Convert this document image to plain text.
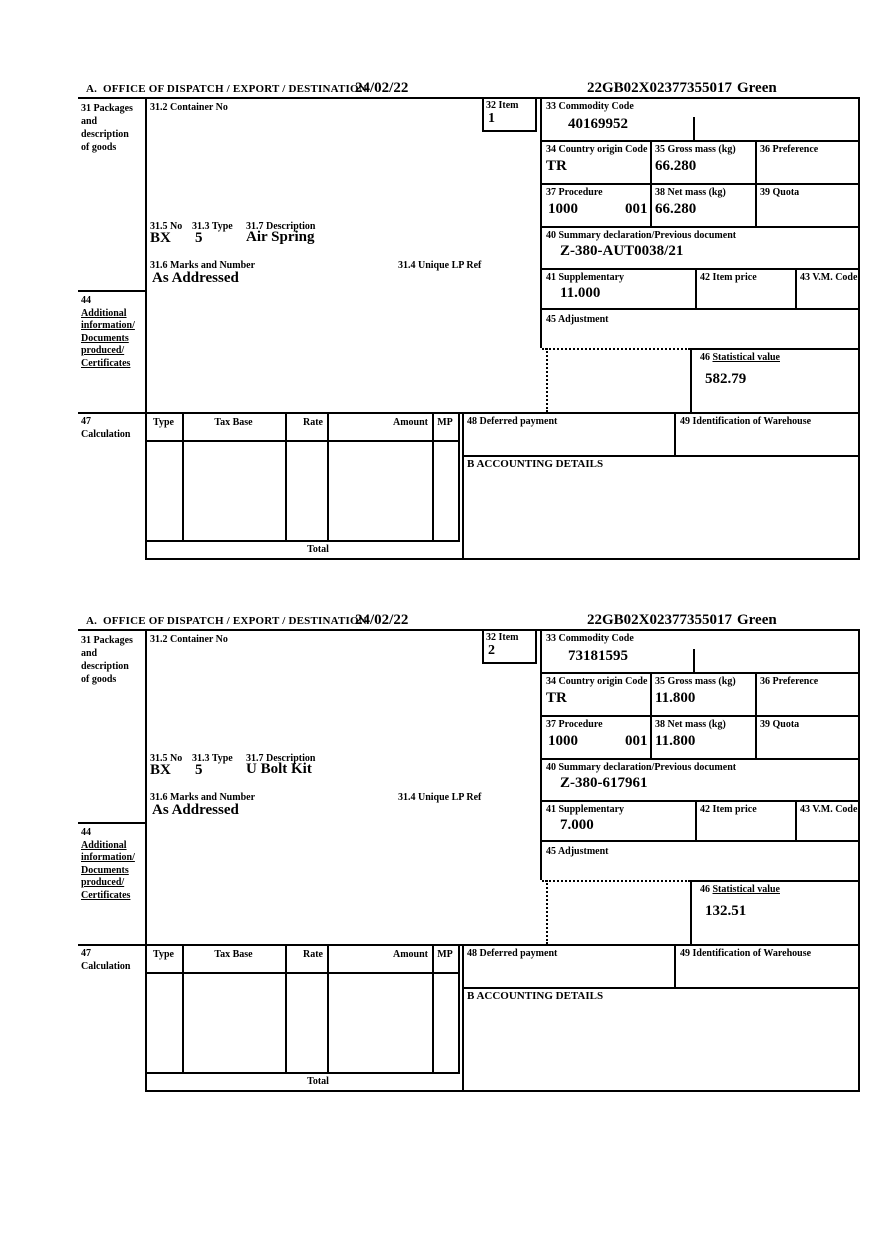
A.  OFFICE OF DISPATCH / EXPORT / DESTINATION
24/02/22	22GB02X02377355017 Green
31 Packages
and
description
of goods
31.2 Container No	32 Item
1
33 Commodity Code
40169952
34 Country origin Code
TR
35 Gross mass (kg)
66.280
36 Preference
37 Procedure
1000	001
38 Net mass (kg)
66.280
39 Quota
31.5 No 31.3 Type 31.7 Description
BX 5	Air Spring
31.6 Marks and Number	31.4 Unique LP Ref
As Addressed
40 Summary declaration/Previous document
Z-380-AUT0038/21
41 Supplementary
11.000
42 Item price	43 V.M. Code
44
Additional
information/
Documents
produced/
Certificates
45 Adjustment
46 Statistical value
582.79
47
Calculation
Type	Tax Base	Rate	Amount MP
Total
48 Deferred payment	49 Identification of Warehouse
B ACCOUNTING DETAILS
A.  OFFICE OF DISPATCH / EXPORT / DESTINATION
24/02/22	22GB02X02377355017 Green
31 Packages
and
description
of goods
31.2 Container No	32 Item
2
33 Commodity Code
73181595
34 Country origin Code
TR
35 Gross mass (kg)
11.800
36 Preference
37 Procedure
1000	001
38 Net mass (kg)
11.800
39 Quota
31.5 No 31.3 Type 31.7 Description
BX 5	U Bolt Kit
31.6 Marks and Number	31.4 Unique LP Ref
As Addressed
40 Summary declaration/Previous document
Z-380-617961
41 Supplementary
7.000
42 Item price	43 V.M. Code
44
Additional
information/
Documents
produced/
Certificates
45 Adjustment
46 Statistical value
132.51
47
Calculation
Type	Tax Base	Rate	Amount MP
Total
48 Deferred payment	49 Identification of Warehouse
B ACCOUNTING DETAILS
